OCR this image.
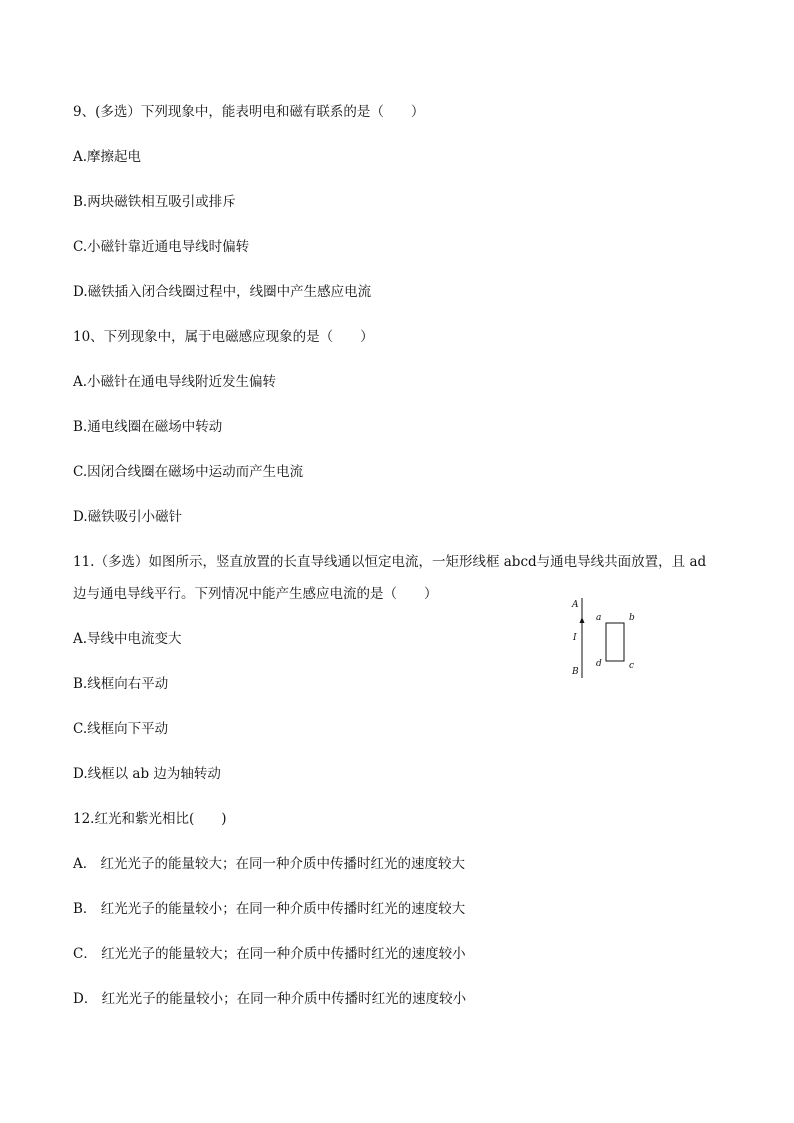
9、(多选）下列现象中，能表明电和磁有联系的是（　　）
A.摩擦起电
B.两块磁铁相互吸引或排斥
C.小磁针靠近通电导线时偏转
D.磁铁插入闭合线圈过程中，线圈中产生感应电流
10、下列现象中，属于电磁感应现象的是（　　）
A.小磁针在通电导线附近发生偏转
B.通电线圈在磁场中转动
C.因闭合线圈在磁场中运动而产生电流
D.磁铁吸引小磁针
11.（多选）如图所示，竖直放置的长直导线通以恒定电流，一矩形线框 abcd与通电导线共面放置，且 ad
边与通电导线平行。下列情况中能产生感应电流的是（　　）
A.导线中电流变大
B.线框向右平动
C.线框向下平动
D.线框以 ab 边为轴转动
A
I
B
a	b
c
d
12.红光和紫光相比(　　)
A． 红光光子的能量较大；在同一种介质中传播时红光的速度较大
B． 红光光子的能量较小；在同一种介质中传播时红光的速度较大
C． 红光光子的能量较大；在同一种介质中传播时红光的速度较小
D． 红光光子的能量较小；在同一种介质中传播时红光的速度较小
